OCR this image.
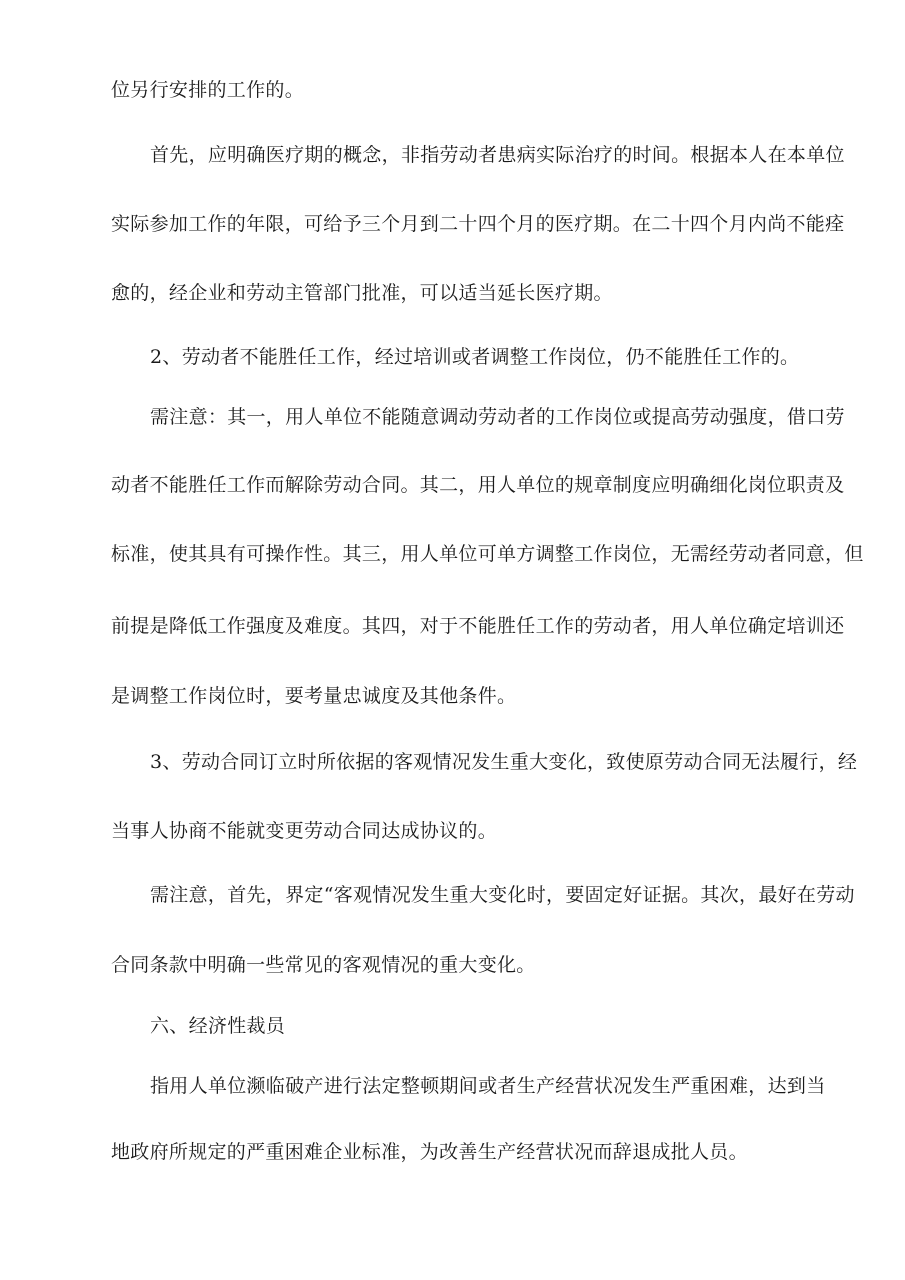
位另行安排的工作的。
首先，应明确医疗期的概念，非指劳动者患病实际治疗的时间。根据本人在本单位
实际参加工作的年限，可给予三个月到二十四个月的医疗期。在二十四个月内尚不能痊
愈的，经企业和劳动主管部门批准，可以适当延长医疗期。
2、劳动者不能胜任工作，经过培训或者调整工作岗位，仍不能胜任工作的。
需注意：其一，用人单位不能随意调动劳动者的工作岗位或提高劳动强度，借口劳
动者不能胜任工作而解除劳动合同。其二，用人单位的规章制度应明确细化岗位职责及
标准，使其具有可操作性。其三，用人单位可单方调整工作岗位，无需经劳动者同意，但
前提是降低工作强度及难度。其四，对于不能胜任工作的劳动者，用人单位确定培训还
是调整工作岗位时，要考量忠诚度及其他条件。
3、劳动合同订立时所依据的客观情况发生重大变化，致使原劳动合同无法履行，经
当事人协商不能就变更劳动合同达成协议的。
需注意，首先，界定“客观情况发生重大变化时，要固定好证据。其次，最好在劳动
合同条款中明确一些常见的客观情况的重大变化。
六、经济性裁员
指用人单位濒临破产进行法定整顿期间或者生产经营状况发生严重困难，达到当
地政府所规定的严重困难企业标准，为改善生产经营状况而辞退成批人员。
